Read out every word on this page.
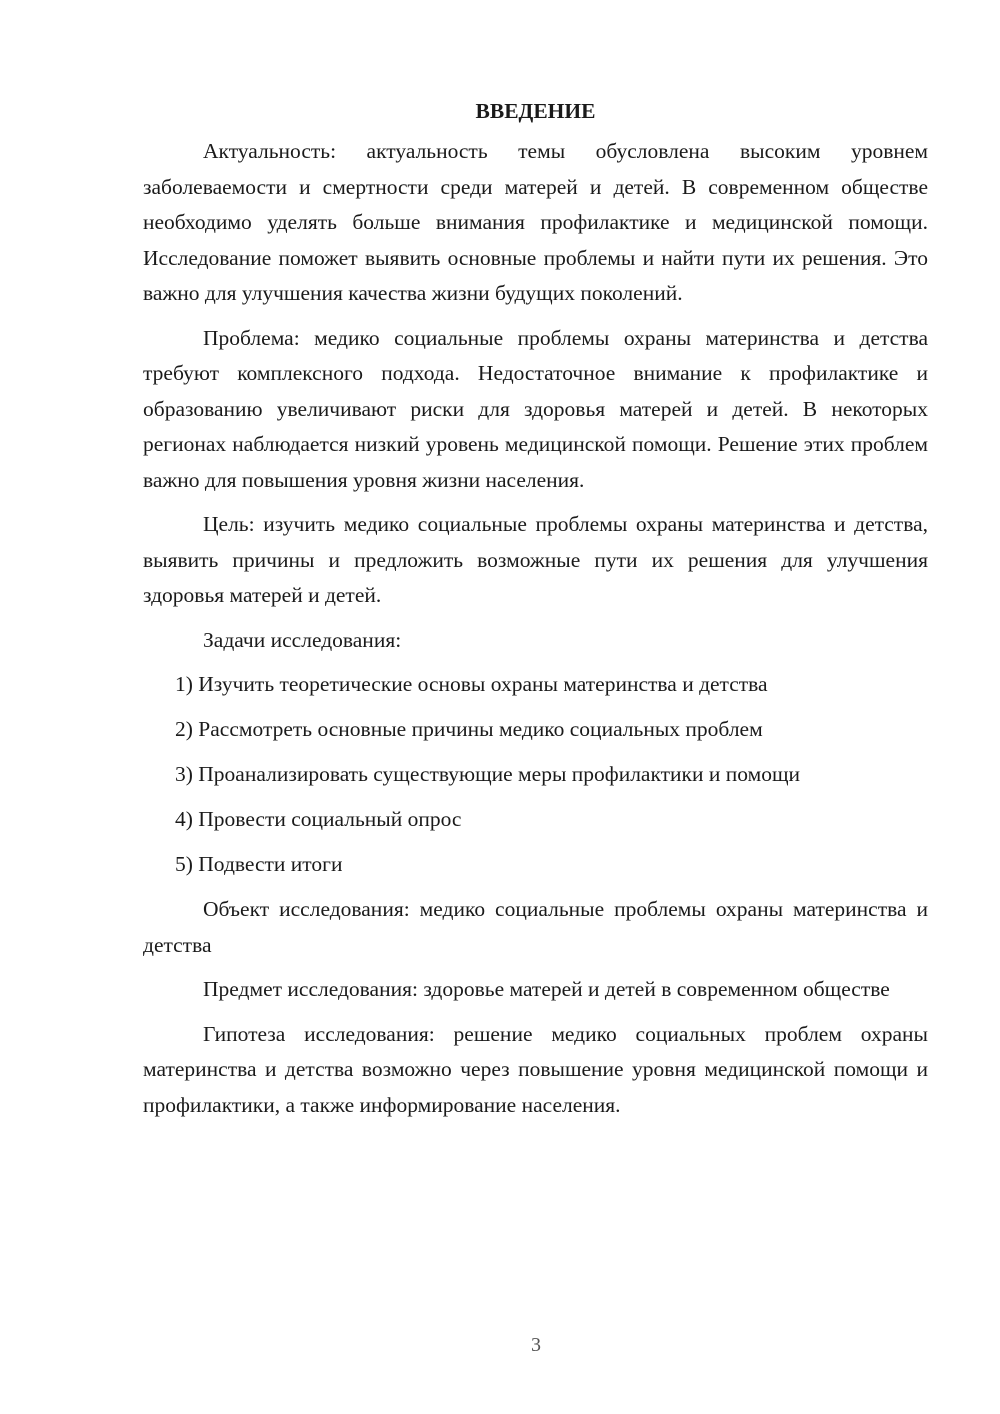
ВВЕДЕНИЕ

Актуальность: актуальность темы обусловлена высоким уровнем заболеваемости и смертности среди матерей и детей. В современном обществе необходимо уделять больше внимания профилактике и медицинской помощи. Исследование поможет выявить основные проблемы и найти пути их решения. Это важно для улучшения качества жизни будущих поколений.

Проблема: медико социальные проблемы охраны материнства и детства требуют комплексного подхода. Недостаточное внимание к профилактике и образованию увеличивают риски для здоровья матерей и детей. В некоторых регионах наблюдается низкий уровень медицинской помощи. Решение этих проблем важно для повышения уровня жизни населения.

Цель: изучить медико социальные проблемы охраны материнства и детства, выявить причины и предложить возможные пути их решения для улучшения здоровья матерей и детей.

Задачи исследования:

1) Изучить теоретические основы охраны материнства и детства
2) Рассмотреть основные причины медико социальных проблем
3) Проанализировать существующие меры профилактики и помощи
4) Провести социальный опрос
5) Подвести итоги

Объект исследования: медико социальные проблемы охраны материнства и детства

Предмет исследования: здоровье матерей и детей в современном обществе

Гипотеза исследования: решение медико социальных проблем охраны материнства и детства возможно через повышение уровня медицинской помощи и профилактики, а также информирование населения.

3
